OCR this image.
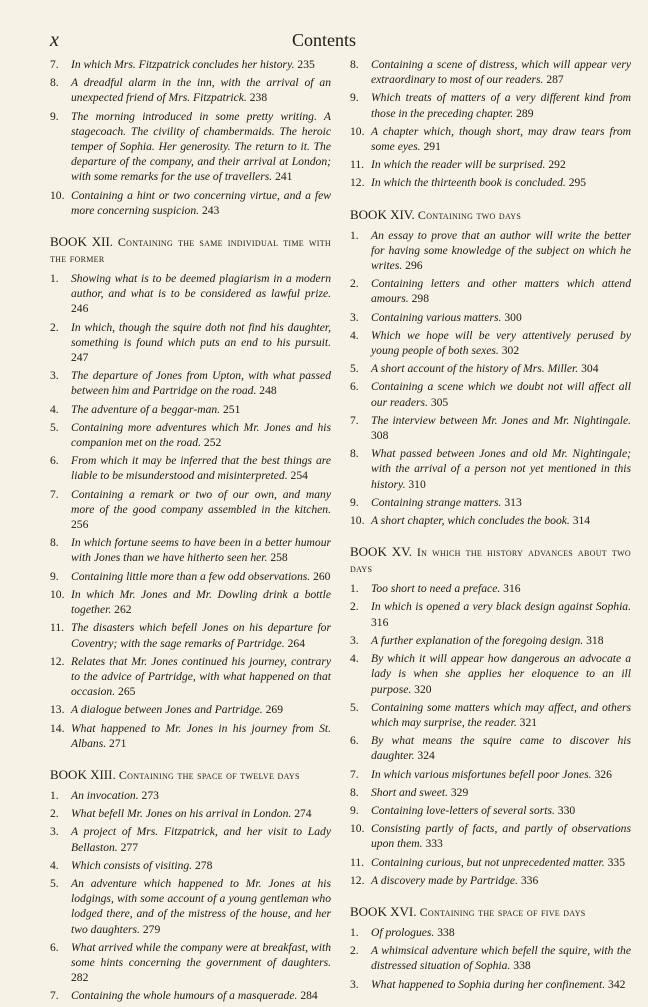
x	Contents
7. In which Mrs. Fitzpatrick concludes her history. 235
8. A dreadful alarm in the inn, with the arrival of an unexpected friend of Mrs. Fitzpatrick. 238
9. The morning introduced in some pretty writing. A stagecoach. The civility of chambermaids. The heroic temper of Sophia. Her generosity. The return to it. The departure of the company, and their arrival at London; with some remarks for the use of travellers. 241
10. Containing a hint or two concerning virtue, and a few more concerning suspicion. 243
BOOK XII. Containing the same individual time with the former
1. Showing what is to be deemed plagiarism in a modern author, and what is to be considered as lawful prize. 246
2. In which, though the squire doth not find his daughter, something is found which puts an end to his pursuit. 247
3. The departure of Jones from Upton, with what passed between him and Partridge on the road. 248
4. The adventure of a beggar-man. 251
5. Containing more adventures which Mr. Jones and his companion met on the road. 252
6. From which it may be inferred that the best things are liable to be misunderstood and misinterpreted. 254
7. Containing a remark or two of our own, and many more of the good company assembled in the kitchen. 256
8. In which fortune seems to have been in a better humour with Jones than we have hitherto seen her. 258
9. Containing little more than a few odd observations. 260
10. In which Mr. Jones and Mr. Dowling drink a bottle together. 262
11. The disasters which befell Jones on his departure for Coventry; with the sage remarks of Partridge. 264
12. Relates that Mr. Jones continued his journey, contrary to the advice of Partridge, with what happened on that occasion. 265
13. A dialogue between Jones and Partridge. 269
14. What happened to Mr. Jones in his journey from St. Albans. 271
BOOK XIII. Containing the space of twelve days
1. An invocation. 273
2. What befell Mr. Jones on his arrival in London. 274
3. A project of Mrs. Fitzpatrick, and her visit to Lady Bellaston. 277
4. Which consists of visiting. 278
5. An adventure which happened to Mr. Jones at his lodgings, with some account of a young gentleman who lodged there, and of the mistress of the house, and her two daughters. 279
6. What arrived while the company were at breakfast, with some hints concerning the government of daughters. 282
7. Containing the whole humours of a masquerade. 284
8. Containing a scene of distress, which will appear very extraordinary to most of our readers. 287
9. Which treats of matters of a very different kind from those in the preceding chapter. 289
10. A chapter which, though short, may draw tears from some eyes. 291
11. In which the reader will be surprised. 292
12. In which the thirteenth book is concluded. 295
BOOK XIV. Containing two days
1. An essay to prove that an author will write the better for having some knowledge of the subject on which he writes. 296
2. Containing letters and other matters which attend amours. 298
3. Containing various matters. 300
4. Which we hope will be very attentively perused by young people of both sexes. 302
5. A short account of the history of Mrs. Miller. 304
6. Containing a scene which we doubt not will affect all our readers. 305
7. The interview between Mr. Jones and Mr. Nightingale. 308
8. What passed between Jones and old Mr. Nightingale; with the arrival of a person not yet mentioned in this history. 310
9. Containing strange matters. 313
10. A short chapter, which concludes the book. 314
BOOK XV. In which the history advances about two days
1. Too short to need a preface. 316
2. In which is opened a very black design against Sophia. 316
3. A further explanation of the foregoing design. 318
4. By which it will appear how dangerous an advocate a lady is when she applies her eloquence to an ill purpose. 320
5. Containing some matters which may affect, and others which may surprise, the reader. 321
6. By what means the squire came to discover his daughter. 324
7. In which various misfortunes befell poor Jones. 326
8. Short and sweet. 329
9. Containing love-letters of several sorts. 330
10. Consisting partly of facts, and partly of observations upon them. 333
11. Containing curious, but not unprecedented matter. 335
12. A discovery made by Partridge. 336
BOOK XVI. Containing the space of five days
1. Of prologues. 338
2. A whimsical adventure which befell the squire, with the distressed situation of Sophia. 338
3. What happened to Sophia during her confinement. 342
